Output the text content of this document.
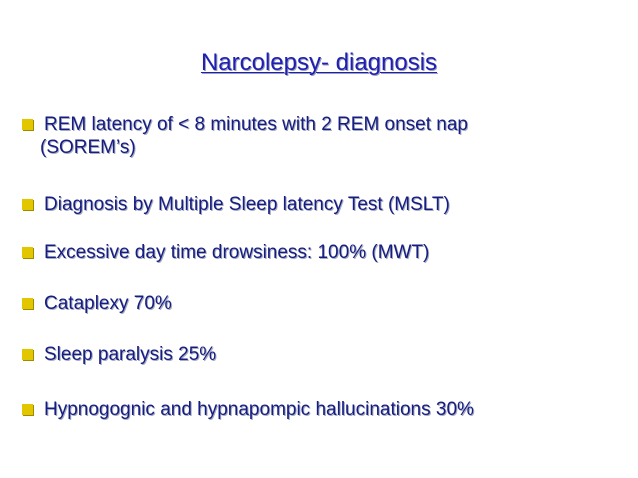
Narcolepsy- diagnosis
REM latency of < 8 minutes with 2 REM onset nap
(SOREM’s)
Diagnosis by Multiple Sleep latency Test (MSLT)
Excessive day time drowsiness: 100% (MWT)
Cataplexy 70%
Sleep paralysis 25%
Hypnogognic and hypnapompic hallucinations 30%
